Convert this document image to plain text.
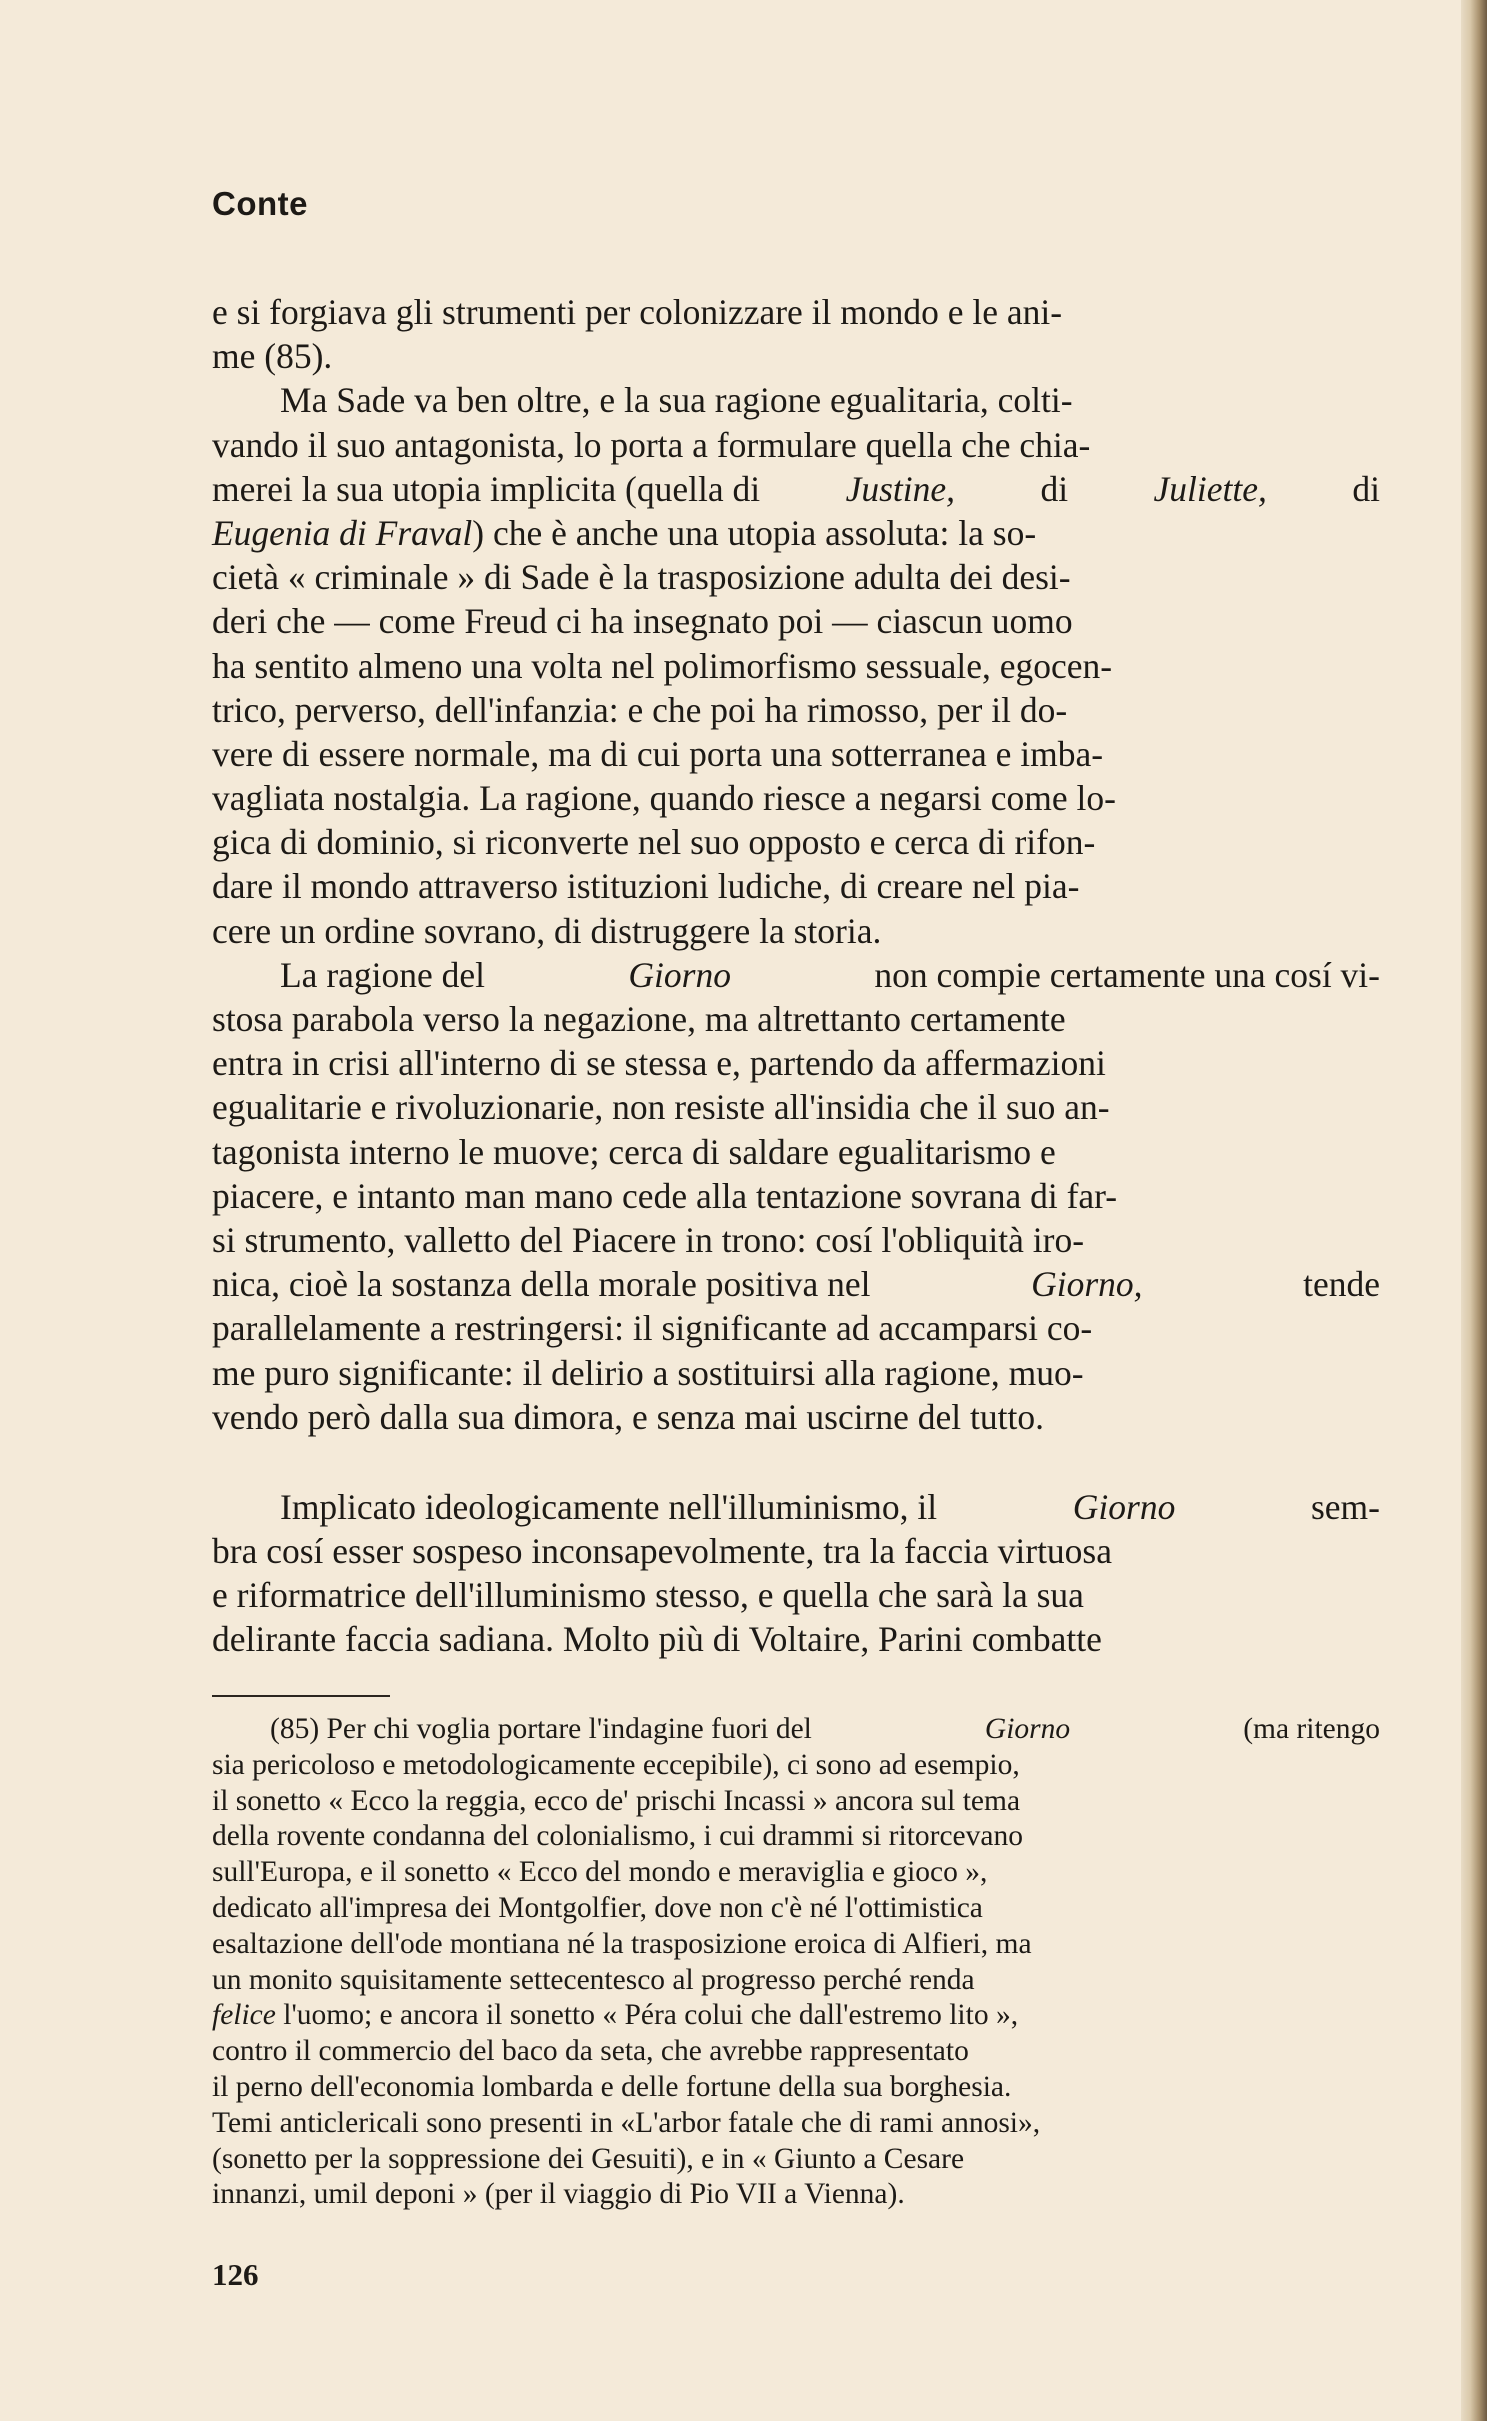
Conte
e si forgiava gli strumenti per colonizzare il mondo e le ani-
me (85).
Ma Sade va ben oltre, e la sua ragione egualitaria, colti-
vando il suo antagonista, lo porta a formulare quella che chia-
merei la sua utopia implicita (quella di Justine, di Juliette, di
Eugenia di Fraval) che è anche una utopia assoluta: la so-
cietà « criminale » di Sade è la trasposizione adulta dei desi-
deri che — come Freud ci ha insegnato poi — ciascun uomo
ha sentito almeno una volta nel polimorfismo sessuale, egocen-
trico, perverso, dell'infanzia: e che poi ha rimosso, per il do-
vere di essere normale, ma di cui porta una sotterranea e imba-
vagliata nostalgia. La ragione, quando riesce a negarsi come lo-
gica di dominio, si riconverte nel suo opposto e cerca di rifon-
dare il mondo attraverso istituzioni ludiche, di creare nel pia-
cere un ordine sovrano, di distruggere la storia.
La ragione del	Giorno	non compie certamente una cosí vi-
stosa parabola verso la negazione, ma altrettanto certamente
entra in crisi all'interno di se stessa e, partendo da affermazioni
egualitarie e rivoluzionarie, non resiste all'insidia che il suo an-
tagonista interno le muove; cerca di saldare egualitarismo e
piacere, e intanto man mano cede alla tentazione sovrana di far-
si strumento, valletto del Piacere in trono: cosí l'obliquità iro-
nica, cioè la sostanza della morale positiva nel	Giorno,	tende
parallelamente a restringersi: il significante ad accamparsi co-
me puro significante: il delirio a sostituirsi alla ragione, muo-
vendo però dalla sua dimora, e senza mai uscirne del tutto.
Implicato ideologicamente nell'illuminismo, il	Giorno	sem-
bra cosí esser sospeso inconsapevolmente, tra la faccia virtuosa
e riformatrice dell'illuminismo stesso, e quella che sarà la sua
delirante faccia sadiana. Molto più di Voltaire, Parini combatte
(85) Per chi voglia portare l'indagine fuori del	Giorno	(ma ritengo
sia pericoloso e metodologicamente eccepibile), ci sono ad esempio,
il sonetto « Ecco la reggia, ecco de' prischi Incassi » ancora sul tema
della rovente condanna del colonialismo, i cui drammi si ritorcevano
sull'Europa, e il sonetto « Ecco del mondo e meraviglia e gioco »,
dedicato all'impresa dei Montgolfier, dove non c'è né l'ottimistica
esaltazione dell'ode montiana né la trasposizione eroica di Alfieri, ma
un monito squisitamente settecentesco al progresso perché renda
felice l'uomo; e ancora il sonetto « Péra colui che dall'estremo lito »,
contro il commercio del baco da seta, che avrebbe rappresentato
il perno dell'economia lombarda e delle fortune della sua borghesia.
Temi anticlericali sono presenti in «L'arbor fatale che di rami annosi»,
(sonetto per la soppressione dei Gesuiti), e in « Giunto a Cesare
innanzi, umil deponi » (per il viaggio di Pio VII a Vienna).
126
